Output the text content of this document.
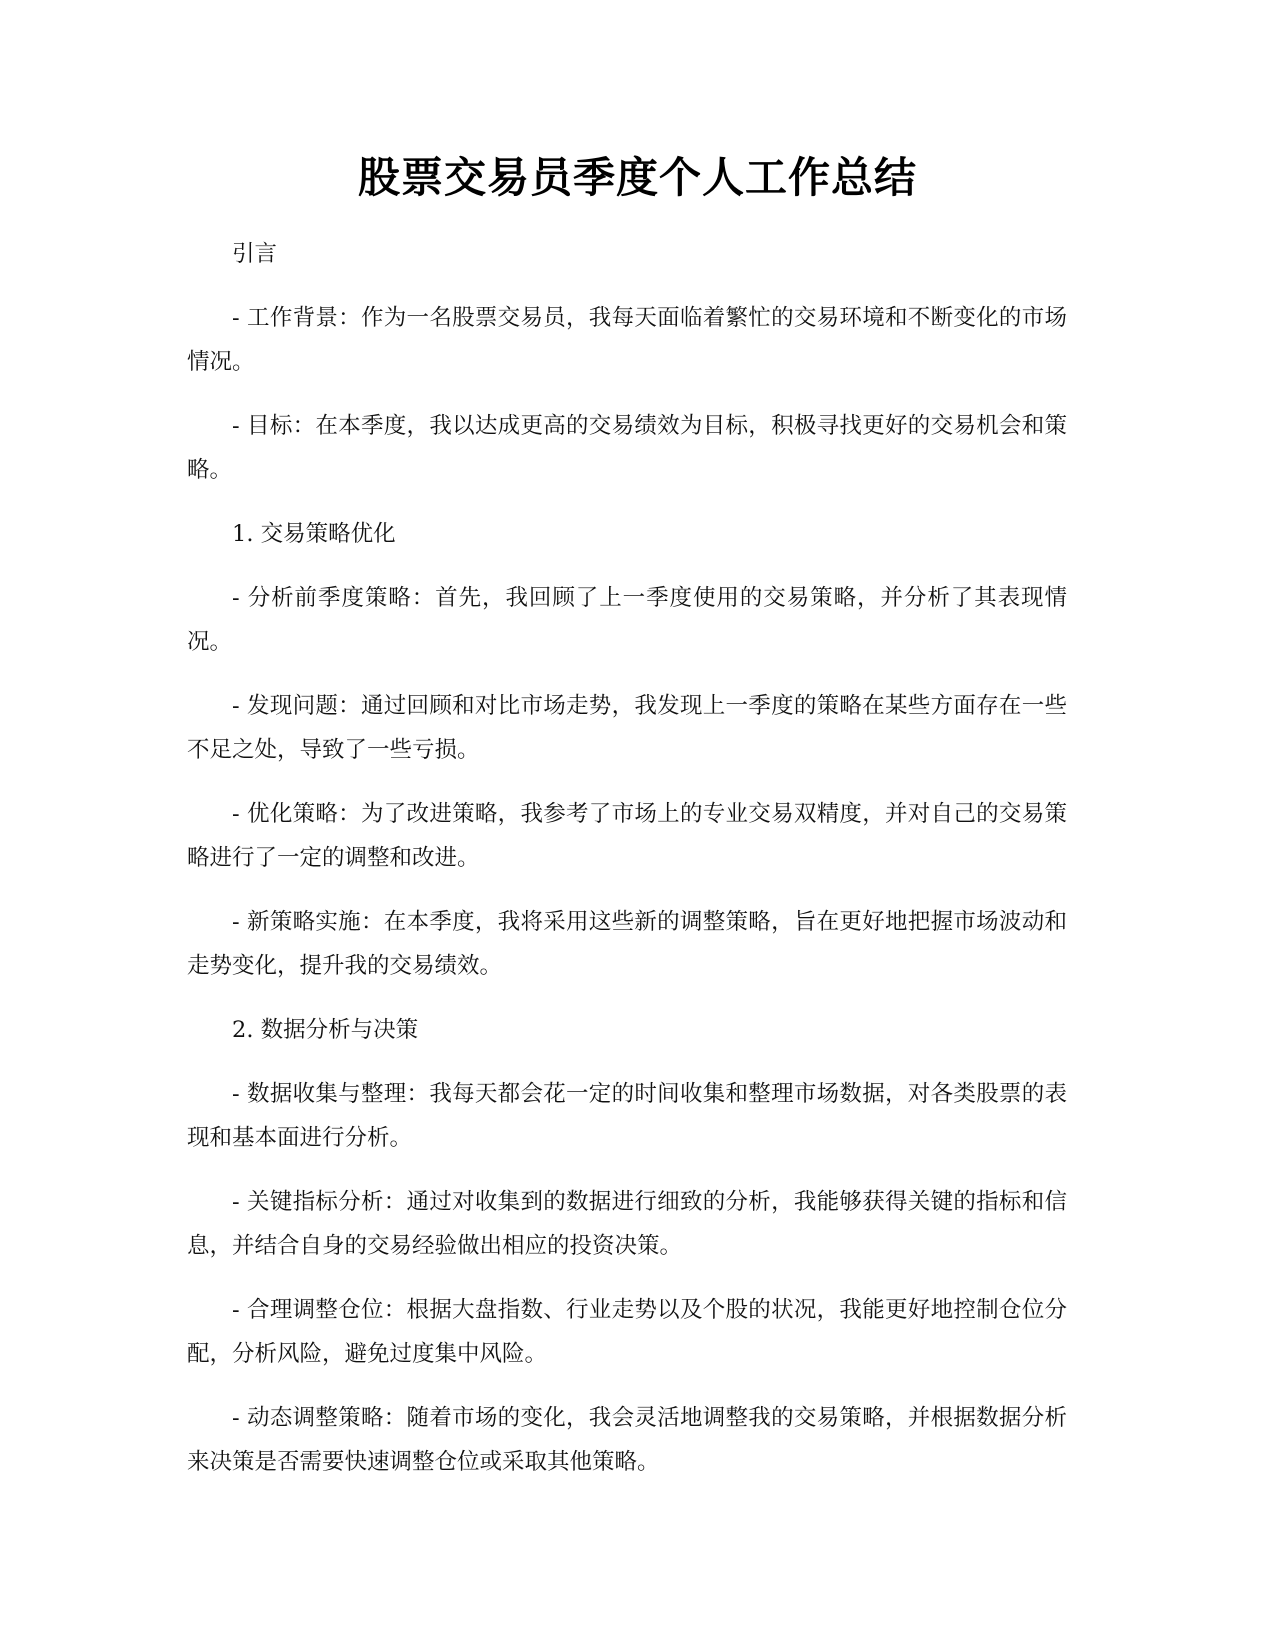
股票交易员季度个人工作总结

引言

- 工作背景：作为一名股票交易员，我每天面临着繁忙的交易环境和不断变化的市场情况。

- 目标：在本季度，我以达成更高的交易绩效为目标，积极寻找更好的交易机会和策略。

1. 交易策略优化

- 分析前季度策略：首先，我回顾了上一季度使用的交易策略，并分析了其表现情况。

- 发现问题：通过回顾和对比市场走势，我发现上一季度的策略在某些方面存在一些不足之处，导致了一些亏损。

- 优化策略：为了改进策略，我参考了市场上的专业交易双精度，并对自己的交易策略进行了一定的调整和改进。

- 新策略实施：在本季度，我将采用这些新的调整策略，旨在更好地把握市场波动和走势变化，提升我的交易绩效。

2. 数据分析与决策

- 数据收集与整理：我每天都会花一定的时间收集和整理市场数据，对各类股票的表现和基本面进行分析。

- 关键指标分析：通过对收集到的数据进行细致的分析，我能够获得关键的指标和信息，并结合自身的交易经验做出相应的投资决策。

- 合理调整仓位：根据大盘指数、行业走势以及个股的状况，我能更好地控制仓位分配，分析风险，避免过度集中风险。

- 动态调整策略：随着市场的变化，我会灵活地调整我的交易策略，并根据数据分析来决策是否需要快速调整仓位或采取其他策略。
